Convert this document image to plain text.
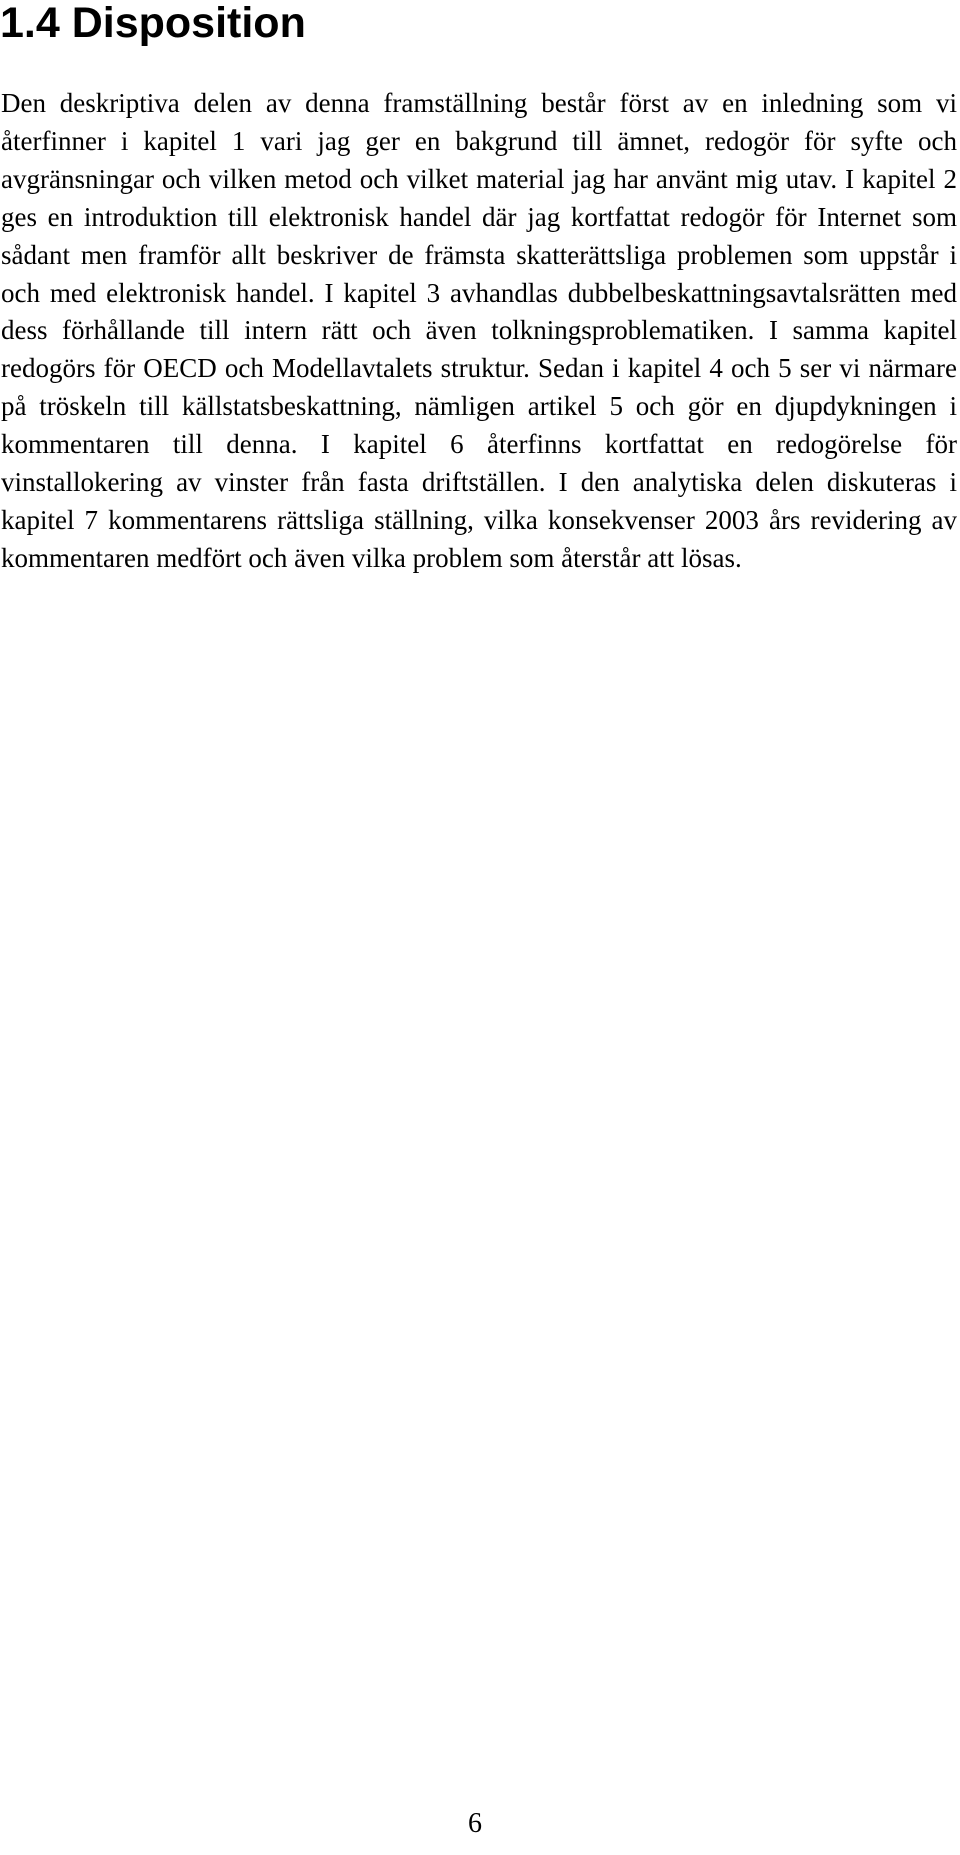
1.4 Disposition

Den deskriptiva delen av denna framställning består först av en inledning som vi återfinner i kapitel 1 vari jag ger en bakgrund till ämnet, redogör för syfte och avgränsningar och vilken metod och vilket material jag har använt mig utav. I kapitel 2 ges en introduktion till elektronisk handel där jag kortfattat redogör för Internet som sådant men framför allt beskriver de främsta skatterättsliga problemen som uppstår i och med elektronisk handel. I kapitel 3 avhandlas dubbelbeskattningsavtalsrätten med dess förhållande till intern rätt och även tolkningsproblematiken. I samma kapitel redogörs för OECD och Modellavtalets struktur. Sedan i kapitel 4 och 5 ser vi närmare på tröskeln till källstatsbeskattning, nämligen artikel 5 och gör en djupdykningen i kommentaren till denna. I kapitel 6 återfinns kortfattat en redogörelse för vinstallokering av vinster från fasta driftställen. I den analytiska delen diskuteras i kapitel 7 kommentarens rättsliga ställning, vilka konsekvenser 2003 års revidering av kommentaren medfört och även vilka problem som återstår att lösas.

6
